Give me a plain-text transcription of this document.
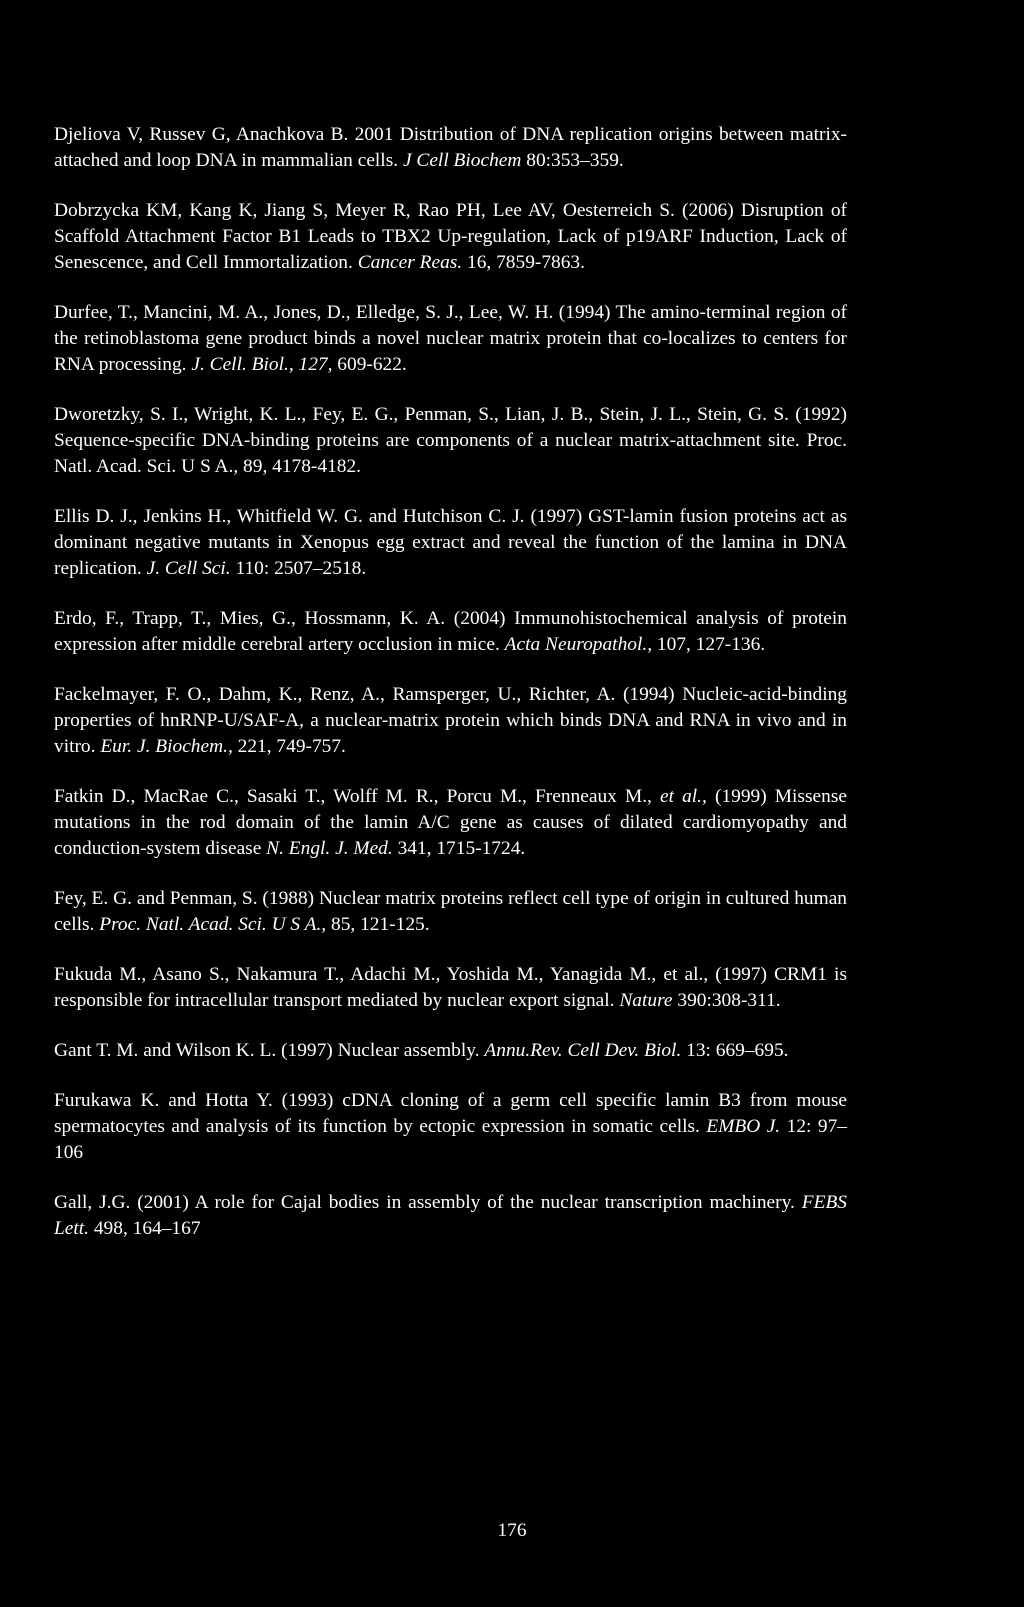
Djeliova V, Russev G, Anachkova B. 2001 Distribution of DNA replication origins between matrix-attached and loop DNA in mammalian cells. J Cell Biochem 80:353–359.

Dobrzycka KM, Kang K, Jiang S, Meyer R, Rao PH, Lee AV, Oesterreich S. (2006) Disruption of Scaffold Attachment Factor B1 Leads to TBX2 Up-regulation, Lack of p19ARF Induction, Lack of Senescence, and Cell Immortalization. Cancer Reas. 16, 7859-7863.

Durfee, T., Mancini, M. A., Jones, D., Elledge, S. J., Lee, W. H. (1994) The amino-terminal region of the retinoblastoma gene product binds a novel nuclear matrix protein that co-localizes to centers for RNA processing. J. Cell. Biol., 127, 609-622.

Dworetzky, S. I., Wright, K. L., Fey, E. G., Penman, S., Lian, J. B., Stein, J. L., Stein, G. S. (1992) Sequence-specific DNA-binding proteins are components of a nuclear matrix-attachment site. Proc. Natl. Acad. Sci. U S A., 89, 4178-4182.

Ellis D. J., Jenkins H., Whitfield W. G. and Hutchison C. J. (1997) GST-lamin fusion proteins act as dominant negative mutants in Xenopus egg extract and reveal the function of the lamina in DNA replication. J. Cell Sci. 110: 2507–2518.

Erdo, F., Trapp, T., Mies, G., Hossmann, K. A. (2004) Immunohistochemical analysis of protein expression after middle cerebral artery occlusion in mice. Acta Neuropathol., 107, 127-136.

Fackelmayer, F. O., Dahm, K., Renz, A., Ramsperger, U., Richter, A. (1994) Nucleic-acid-binding properties of hnRNP-U/SAF-A, a nuclear-matrix protein which binds DNA and RNA in vivo and in vitro. Eur. J. Biochem., 221, 749-757.

Fatkin D., MacRae C., Sasaki T., Wolff M. R., Porcu M., Frenneaux M., et al., (1999) Missense mutations in the rod domain of the lamin A/C gene as causes of dilated cardiomyopathy and conduction-system disease N. Engl. J. Med. 341, 1715-1724.

Fey, E. G. and Penman, S. (1988) Nuclear matrix proteins reflect cell type of origin in cultured human cells. Proc. Natl. Acad. Sci. U S A., 85, 121-125.

Fukuda M., Asano S., Nakamura T., Adachi M., Yoshida M., Yanagida M., et al., (1997) CRM1 is responsible for intracellular transport mediated by nuclear export signal. Nature 390:308-311.

Gant T. M. and Wilson K. L. (1997) Nuclear assembly. Annu.Rev. Cell Dev. Biol. 13: 669–695.

Furukawa K. and Hotta Y. (1993) cDNA cloning of a germ cell specific lamin B3 from mouse spermatocytes and analysis of its function by ectopic expression in somatic cells. EMBO J. 12: 97–106

Gall, J.G. (2001) A role for Cajal bodies in assembly of the nuclear transcription machinery. FEBS Lett. 498, 164–167

176
